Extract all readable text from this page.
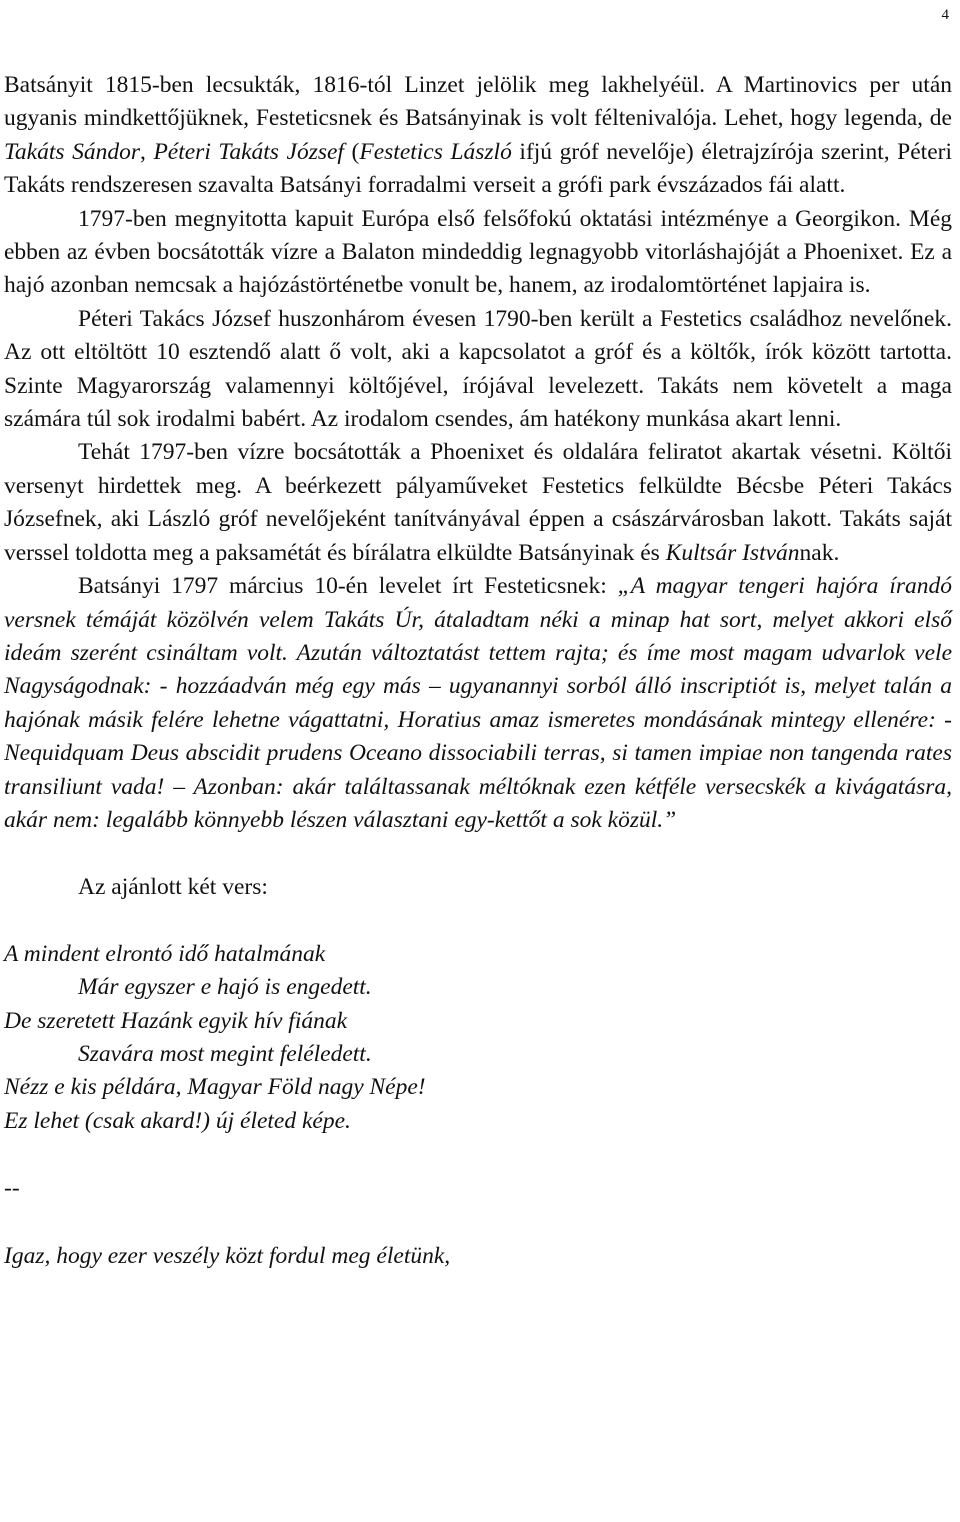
4

Batsányit 1815-ben lecsukták, 1816-tól Linzet jelölik meg lakhelyéül. A Martinovics per után ugyanis mindkettőjüknek, Festeticsnek és Batsányinak is volt féltenivalója. Lehet, hogy legenda, de Takáts Sándor, Péteri Takáts József (Festetics László ifjú gróf nevelője) életrajzírója szerint, Péteri Takáts rendszeresen szavalta Batsányi forradalmi verseit a grófi park évszázados fái alatt.

1797-ben megnyitotta kapuit Európa első felsőfokú oktatási intézménye a Georgikon. Még ebben az évben bocsátották vízre a Balaton mindeddig legnagyobb vitorláshajóját a Phoenixet. Ez a hajó azonban nemcsak a hajózástörténetbe vonult be, hanem, az irodalomtörténet lapjaira is.

Péteri Takács József huszonhárom évesen 1790-ben került a Festetics családhoz nevelőnek. Az ott eltöltött 10 esztendő alatt ő volt, aki a kapcsolatot a gróf és a költők, írók között tartotta. Szinte Magyarország valamennyi költőjével, írójával levelezett. Takáts nem követelt a maga számára túl sok irodalmi babért. Az irodalom csendes, ám hatékony munkása akart lenni.

Tehát 1797-ben vízre bocsátották a Phoenixet és oldalára feliratot akartak vésetni. Költői versenyt hirdettek meg. A beérkezett pályaműveket Festetics felküldte Bécsbe Péteri Takács Józsefnek, aki László gróf nevelőjeként tanítványával éppen a császárvárosban lakott. Takáts saját verssel toldotta meg a paksamétát és bírálatra elküldte Batsányinak és Kultsár Istvánnak.

Batsányi 1797 március 10-én levelet írt Festeticsnek: „A magyar tengeri hajóra írandó versnek témáját közölvén velem Takáts Úr, átaladtam néki a minap hat sort, melyet akkori első ideám szerént csináltam volt. Azután változtatást tettem rajta; és íme most magam udvarlok vele Nagyságodnak: - hozzáadván még egy más – ugyanannyi sorból álló inscriptiót is, melyet talán a hajónak másik felére lehetne vágattatni, Horatius amaz ismeretes mondásának mintegy ellenére: - Nequidquam Deus abscidit prudens Oceano dissociabili terras, si tamen impiae non tangenda rates transiliunt vada! – Azonban: akár találtassanak méltóknak ezen kétféle versecskék a kivágatásra, akár nem: legalább könnyebb lészen választani egy-kettőt a sok közül.”

Az ajánlott két vers:

A mindent elrontó idő hatalmának
Már egyszer e hajó is engedett.
De szeretett Hazánk egyik hív fiának
Szavára most megint feléledett.
Nézz e kis példára, Magyar Föld nagy Népe!
Ez lehet (csak akard!) új életed képe.
--
Igaz, hogy ezer veszély közt fordul meg életünk,
